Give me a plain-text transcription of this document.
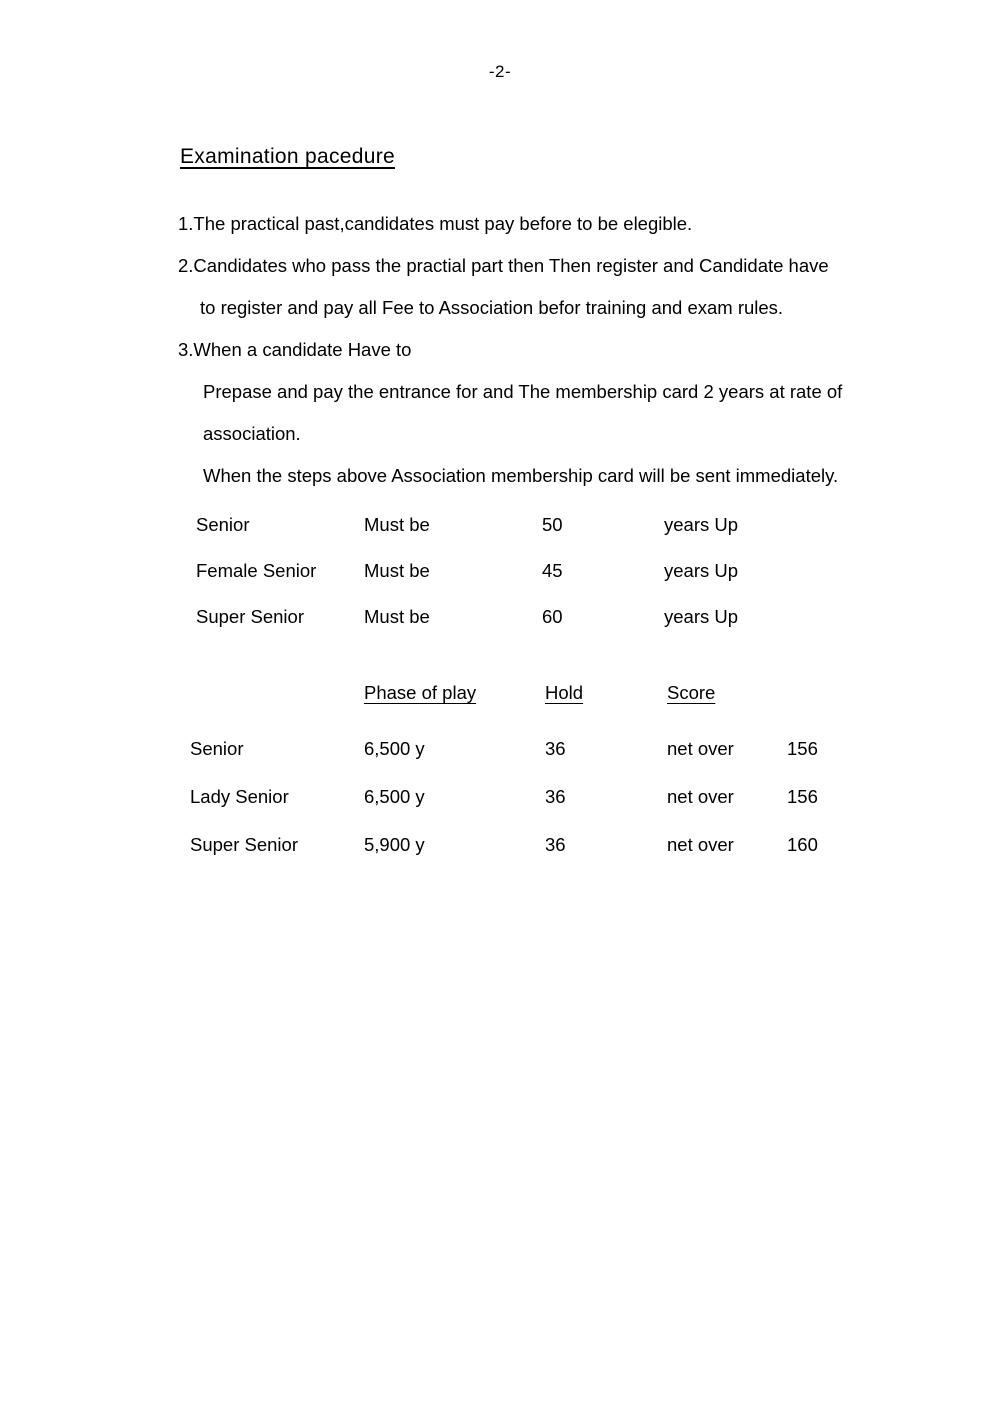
-2-
Examination pacedure
1.The practical past,candidates must pay before to be elegible.
2.Candidates who pass the practial part then Then register and Candidate have
to register and pay all Fee to Association befor training and exam rules.
3.When a candidate Have to
Prepase and pay the entrance for and The membership card 2 years at rate of
association.
When the steps above Association membership card will be sent immediately.
Senior	Must be	50	years Up
Female Senior	Must be	45	years Up
Super Senior	Must be	60	years Up
	Phase of play	Hold	Score	
Senior	6,500 y	36	net over	156
Lady Senior	6,500 y	36	net over	156
Super Senior	5,900 y	36	net over	160
